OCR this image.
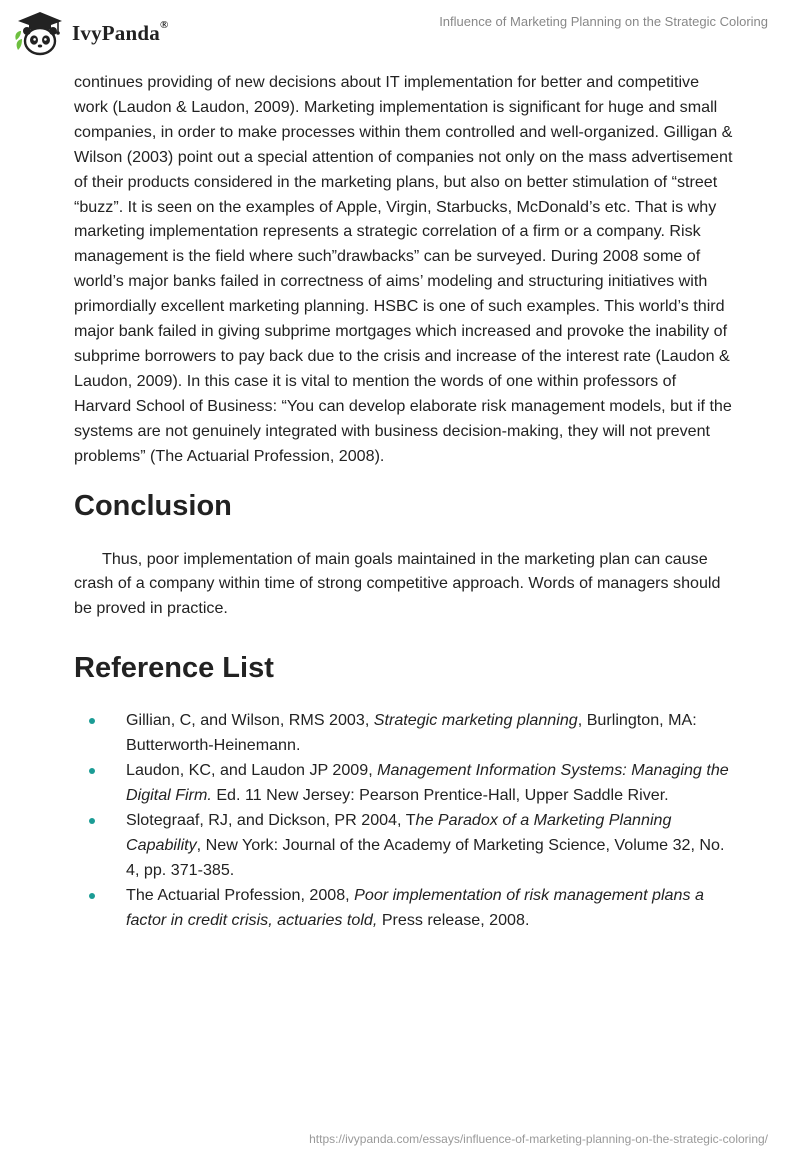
IvyPanda®	Influence of Marketing Planning on the Strategic Coloring

continues providing of new decisions about IT implementation for better and competitive work (Laudon & Laudon, 2009). Marketing implementation is significant for huge and small companies, in order to make processes within them controlled and well-organized. Gilligan & Wilson (2003) point out a special attention of companies not only on the mass advertisement of their products considered in the marketing plans, but also on better stimulation of “street “buzz”. It is seen on the examples of Apple, Virgin, Starbucks, McDonald’s etc. That is why marketing implementation represents a strategic correlation of a firm or a company. Risk management is the field where such”drawbacks” can be surveyed. During 2008 some of world’s major banks failed in correctness of aims’ modeling and structuring initiatives with primordially excellent marketing planning. HSBC is one of such examples. This world’s third major bank failed in giving subprime mortgages which increased and provoke the inability of subprime borrowers to pay back due to the crisis and increase of the interest rate (Laudon & Laudon, 2009). In this case it is vital to mention the words of one within professors of Harvard School of Business: “You can develop elaborate risk management models, but if the systems are not genuinely integrated with business decision-making, they will not prevent problems” (The Actuarial Profession, 2008).

Conclusion

Thus, poor implementation of main goals maintained in the marketing plan can cause crash of a company within time of strong competitive approach. Words of managers should be proved in practice.

Reference List
Gillian, C, and Wilson, RMS 2003, Strategic marketing planning, Burlington, MA: Butterworth-Heinemann.
Laudon, KC, and Laudon JP 2009, Management Information Systems: Managing the Digital Firm. Ed. 11 New Jersey: Pearson Prentice-Hall, Upper Saddle River.
Slotegraaf, RJ, and Dickson, PR 2004, The Paradox of a Marketing Planning Capability, New York: Journal of the Academy of Marketing Science, Volume 32, No. 4, pp. 371-385.
The Actuarial Profession, 2008, Poor implementation of risk management plans a factor in credit crisis, actuaries told, Press release, 2008.
https://ivypanda.com/essays/influence-of-marketing-planning-on-the-strategic-coloring/
